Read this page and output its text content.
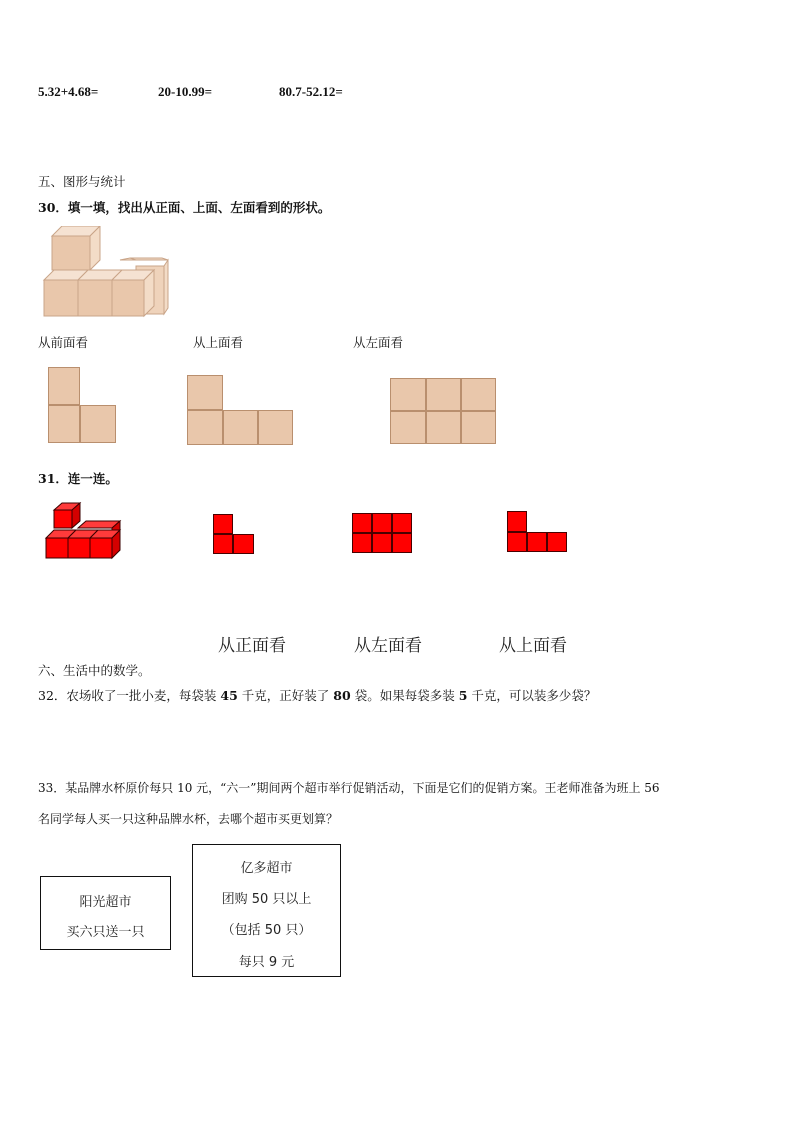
5.32+4.68=	20-10.99=	80.7-52.12=
五、图形与统计
30．填一填，找出从正面、上面、左面看到的形状。
从前面看	从上面看	从左面看
31．连一连。
从正面看	从左面看	从上面看
六、生活中的数学。
32．农场收了一批小麦，每袋装 45 千克，正好装了 80 袋。如果每袋多装 5 千克，可以装多少袋？
33．某品牌水杯原价每只 10 元，“六一”期间两个超市举行促销活动，下面是它们的促销方案。王老师准备为班上 56
名同学每人买一只这种品牌水杯，去哪个超市买更划算？
阳光超市
买六只送一只
亿多超市
团购 50 只以上
（包括 50 只）
每只 9 元
